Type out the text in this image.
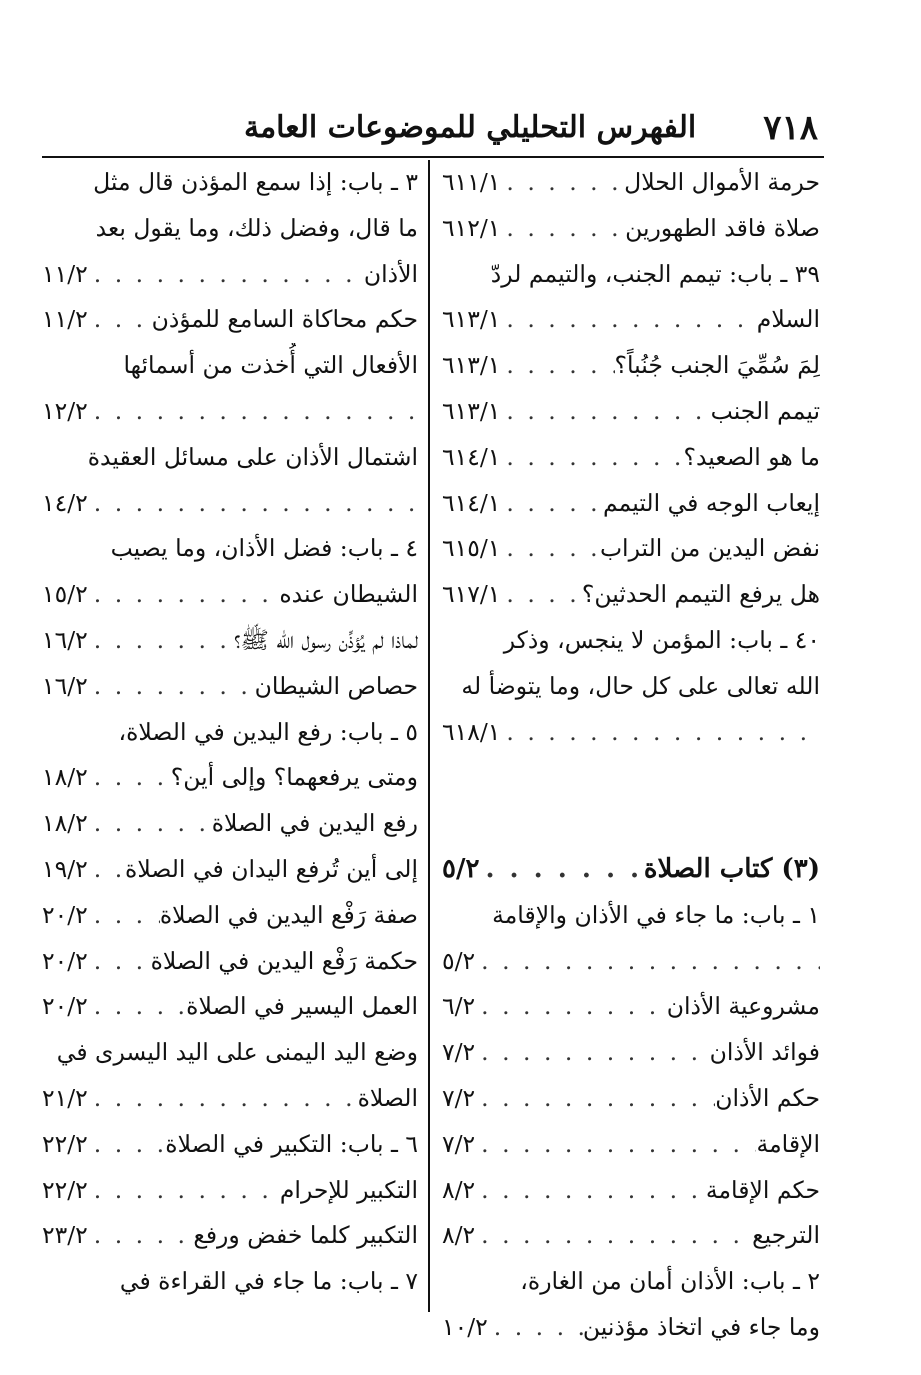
٧١٨
الفهرس التحليلي للموضوعات العامة
حرمة الأموال الحلال
. . .
٦١١/١
صلاة فاقد الطهورين
. . .
٦١٢/١
٣٩ ـ باب: تيمم الجنب، والتيمم لردّ
السلام
. . .
٦١٣/١
لِمَ سُمِّيَ الجنب جُنُباً؟
. . .
٦١٣/١
تيمم الجنب
. . .
٦١٣/١
ما هو الصعيد؟
. . .
٦١٤/١
إيعاب الوجه في التيمم
. . .
٦١٤/١
نفض اليدين من التراب
. . .
٦١٥/١
هل يرفع التيمم الحدثين؟
. . .
٦١٧/١
٤٠ ـ باب: المؤمن لا ينجس، وذكر
الله تعالى على كل حال، وما يتوضأ له
. . .
٦١٨/١
(٣) كتاب الصلاة
. . .
٥/٢
١ ـ باب: ما جاء في الأذان والإقامة
. . .
٥/٢
مشروعية الأذان
. . .
٦/٢
فوائد الأذان
. . .
٧/٢
حكم الأذان
. . .
٧/٢
الإقامة
. . .
٧/٢
حكم الإقامة
. . .
٨/٢
الترجيع
. . .
٨/٢
٢ ـ باب: الأذان أمان من الغارة،
وما جاء في اتخاذ مؤذنين
. . .
١٠/٢
٣ ـ باب: إذا سمع المؤذن قال مثل
ما قال، وفضل ذلك، وما يقول بعد
الأذان
. . .
١١/٢
حكم محاكاة السامع للمؤذن
. . .
١١/٢
الأفعال التي أُخذت من أسمائها
. . .
١٢/٢
اشتمال الأذان على مسائل العقيدة
. . .
١٤/٢
٤ ـ باب: فضل الأذان، وما يصيب
الشيطان عنده
. . .
١٥/٢
لماذا لم يُؤذِّن رسول الله ﷺ؟
. . .
١٦/٢
حصاص الشيطان
. . .
١٦/٢
٥ ـ باب: رفع اليدين في الصلاة،
ومتى يرفعهما؟ وإلى أين؟
. . .
١٨/٢
رفع اليدين في الصلاة
. . .
١٨/٢
إلى أين تُرفع اليدان في الصلاة
. . .
١٩/٢
صفة رَفْع اليدين في الصلاة
. . .
٢٠/٢
حكمة رَفْع اليدين في الصلاة
. . .
٢٠/٢
العمل اليسير في الصلاة
. . .
٢٠/٢
وضع اليد اليمنى على اليد اليسرى في
الصلاة
. . .
٢١/٢
٦ ـ باب: التكبير في الصلاة
. . .
٢٢/٢
التكبير للإحرام
. . .
٢٢/٢
التكبير كلما خفض ورفع
. . .
٢٣/٢
٧ ـ باب: ما جاء في القراءة في
